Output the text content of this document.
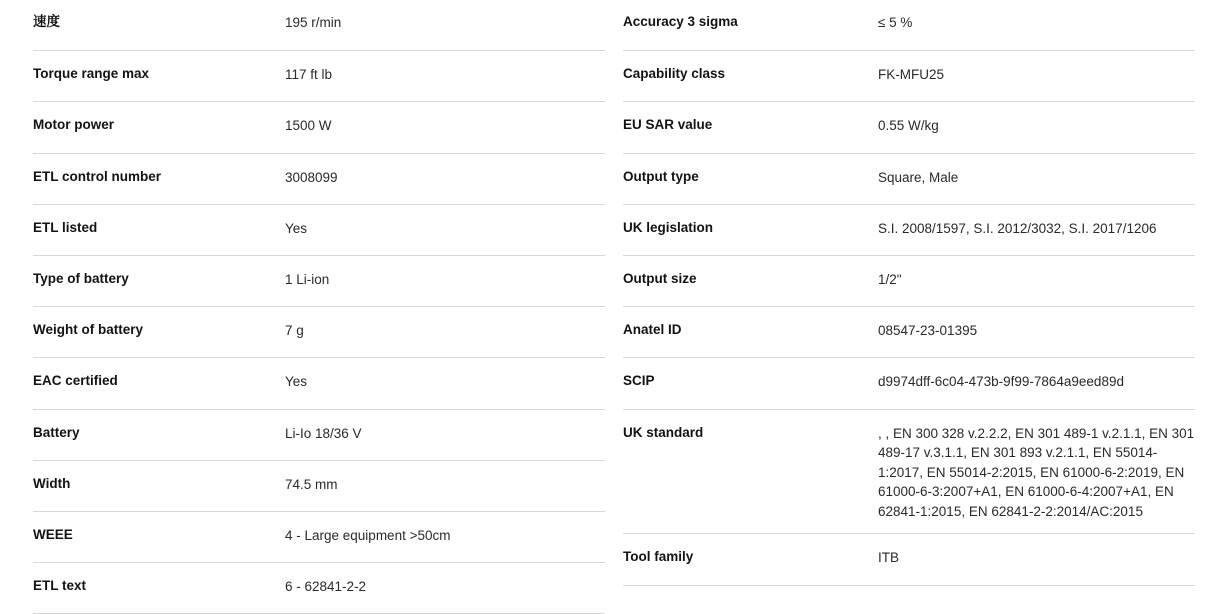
速度	195 r/min
Torque range max	117 ft lb
Motor power	1500 W
ETL control number	3008099
ETL listed	Yes
Type of battery	1 Li-ion
Weight of battery	7 g
EAC certified	Yes
Battery	Li-Io 18/36 V
Width	74.5 mm
WEEE	4 - Large equipment >50cm
ETL text	6 - 62841-2-2
Accuracy 3 sigma	≤ 5 %
Capability class	FK-MFU25
EU SAR value	0.55 W/kg
Output type	Square, Male
UK legislation	S.I. 2008/1597, S.I. 2012/3032, S.I. 2017/1206
Output size	1/2"
Anatel ID	08547-23-01395
SCIP	d9974dff-6c04-473b-9f99-7864a9eed89d
UK standard	, , EN 300 328 v.2.2.2, EN 301 489-1 v.2.1.1, EN 301 489-17 v.3.1.1, EN 301 893 v.2.1.1, EN 55014-1:2017, EN 55014-2:2015, EN 61000-6-2:2019, EN 61000-6-3:2007+A1, EN 61000-6-4:2007+A1, EN 62841-1:2015, EN 62841-2-2:2014/AC:2015
Tool family	ITB
